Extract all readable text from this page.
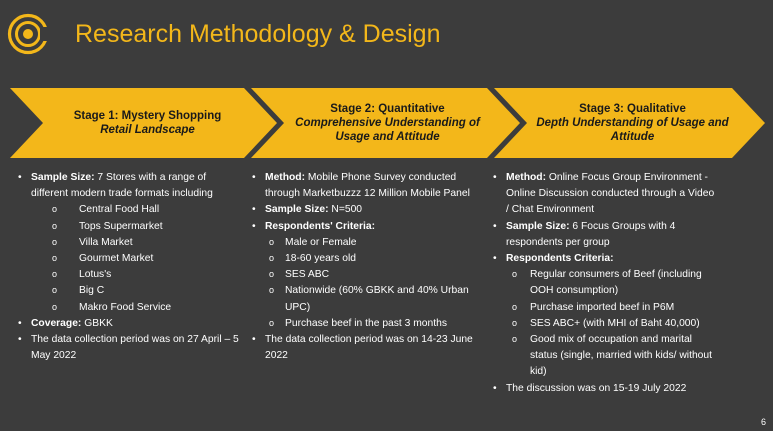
Research Methodology & Design
Stage 1: Mystery Shopping
Retail Landscape
Stage 2: Quantitative
Comprehensive Understanding of Usage and Attitude
Stage 3: Qualitative
Depth Understanding of Usage and Attitude
• Sample Size: 7 Stores with a range of different modern trade formats including
o Central Food Hall
o Tops Supermarket
o Villa Market
o Gourmet Market
o Lotus's
o Big C
o Makro Food Service
• Coverage: GBKK
• The data collection period was on 27 April – 5 May 2022
• Method: Mobile Phone Survey conducted through Marketbuzzz 12 Million Mobile Panel
• Sample Size: N=500
• Respondents' Criteria:
o Male or Female
o 18-60 years old
o SES ABC
o Nationwide (60% GBKK and 40% Urban UPC)
o Purchase beef in the past 3 months
• The data collection period was on 14-23 June 2022
• Method: Online Focus Group Environment - Online Discussion conducted through a Video / Chat Environment
• Sample Size: 6 Focus Groups with 4 respondents per group
• Respondents Criteria:
o Regular consumers of Beef (including OOH consumption)
o Purchase imported beef in P6M
o SES ABC+ (with MHI of Baht 40,000)
o Good mix of occupation and marital status (single, married with kids/ without kid)
• The discussion was on 15-19 July 2022
6
